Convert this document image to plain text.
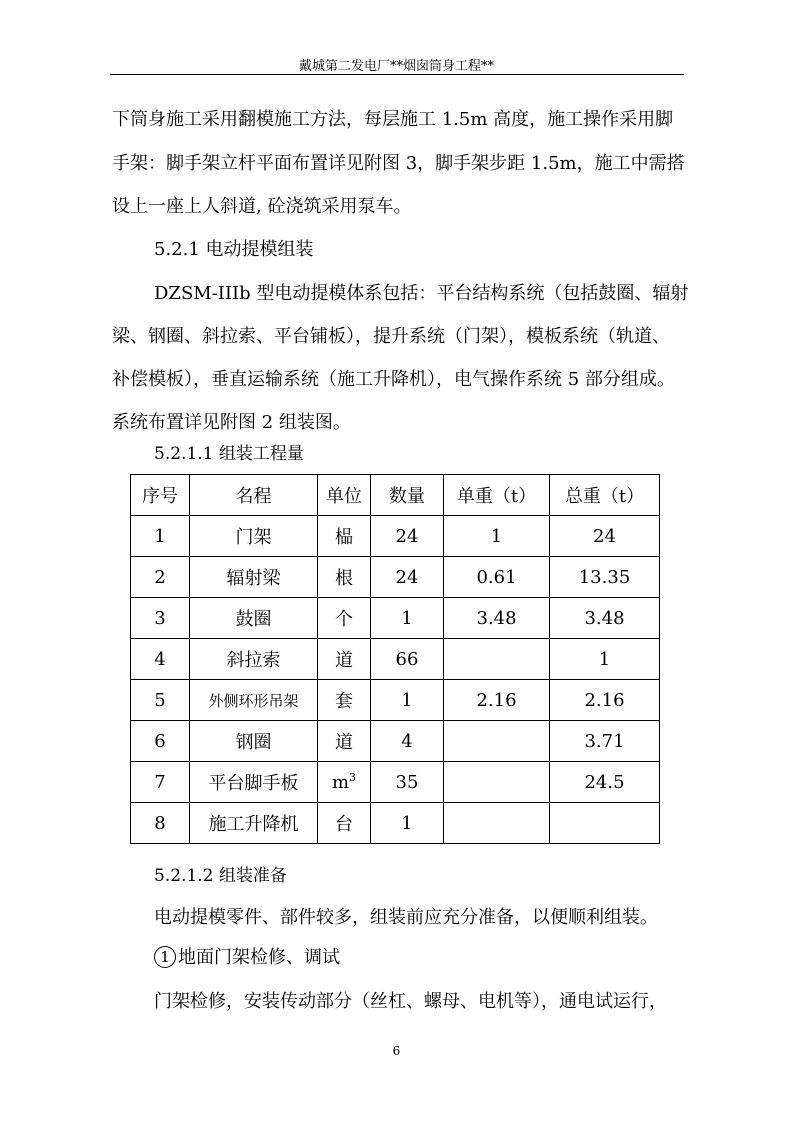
戴城第二发电厂**烟囱筒身工程**
下筒身施工采用翻模施工方法，每层施工 1.5m 高度，施工操作采用脚
手架：脚手架立杆平面布置详见附图 3，脚手架步距 1.5m，施工中需搭
设上一座上人斜道, 砼浇筑采用泵车。
5.2.1 电动提模组装
DZSM-IIIb 型电动提模体系包括：平台结构系统（包括鼓圈、辐射
梁、钢圈、斜拉索、平台铺板），提升系统（门架），模板系统（轨道、
补偿模板），垂直运输系统（施工升降机），电气操作系统 5 部分组成。
系统布置详见附图 2 组装图。
5.2.1.1 组装工程量
序号	名程	单位	数量	单重（t）	总重（t）
1	门架	榀	24	1	24
2	辐射梁	根	24	0.61	13.35
3	鼓圈	个	1	3.48	3.48
4	斜拉索	道	66		1
5	外侧环形吊架	套	1	2.16	2.16
6	钢圈	道	4		3.71
7	平台脚手板	$m^3$	35		24.5
8	施工升降机	台	1		
5.2.1.2 组装准备
电动提模零件、部件较多，组装前应充分准备，以便顺利组装。
1 地面门架检修、调试
门架检修，安装传动部分（丝杠、螺母、电机等），通电试运行，
6
